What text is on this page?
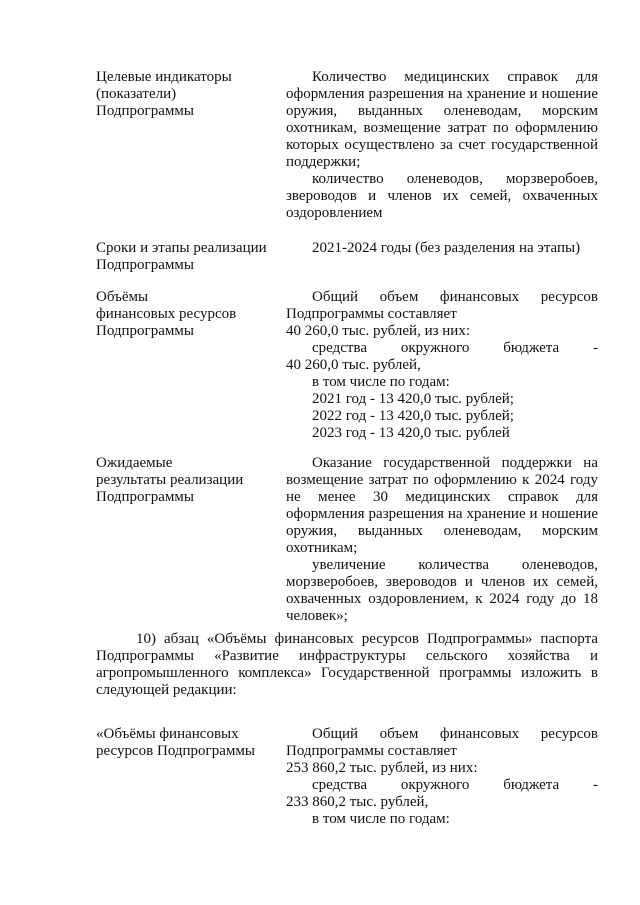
Целевые индикаторы
(показатели)
Подпрограммы

Количество медицинских справок для оформления разрешения на хранение и ношение оружия, выданных оленеводам, морским охотникам, возмещение затрат по оформлению которых осуществлено за счет государственной поддержки;

количество оленеводов, морзверобоев, звероводов и членов их семей, охваченных оздоровлением

Сроки и этапы реализации
Подпрограммы

2021-2024 годы (без разделения на этапы)

Объёмы
финансовых ресурсов
Подпрограммы

Общий объем финансовых ресурсов Подпрограммы составляет

40 260,0 тыс. рублей, из них:

средства окружного бюджета -

40 260,0 тыс. рублей,

в том числе по годам:

2021 год - 13 420,0 тыс. рублей;

2022 год - 13 420,0 тыс. рублей;

2023 год - 13 420,0 тыс. рублей

Ожидаемые
результаты реализации
Подпрограммы

Оказание государственной поддержки на возмещение затрат по оформлению к 2024 году не менее 30 медицинских справок для оформления разрешения на хранение и ношение оружия, выданных оленеводам, морским охотникам;

увеличение количества оленеводов, морзверобоев, звероводов и членов их семей, охваченных оздоровлением, к 2024 году до 18 человек»;

10) абзац «Объёмы финансовых ресурсов Подпрограммы» паспорта Подпрограммы «Развитие инфраструктуры сельского хозяйства и агропромышленного комплекса» Государственной программы изложить в следующей редакции:

«Объёмы финансовых
ресурсов Подпрограммы

Общий объем финансовых ресурсов Подпрограммы составляет

253 860,2 тыс. рублей, из них:

средства окружного бюджета -

233 860,2 тыс. рублей,

в том числе по годам:
